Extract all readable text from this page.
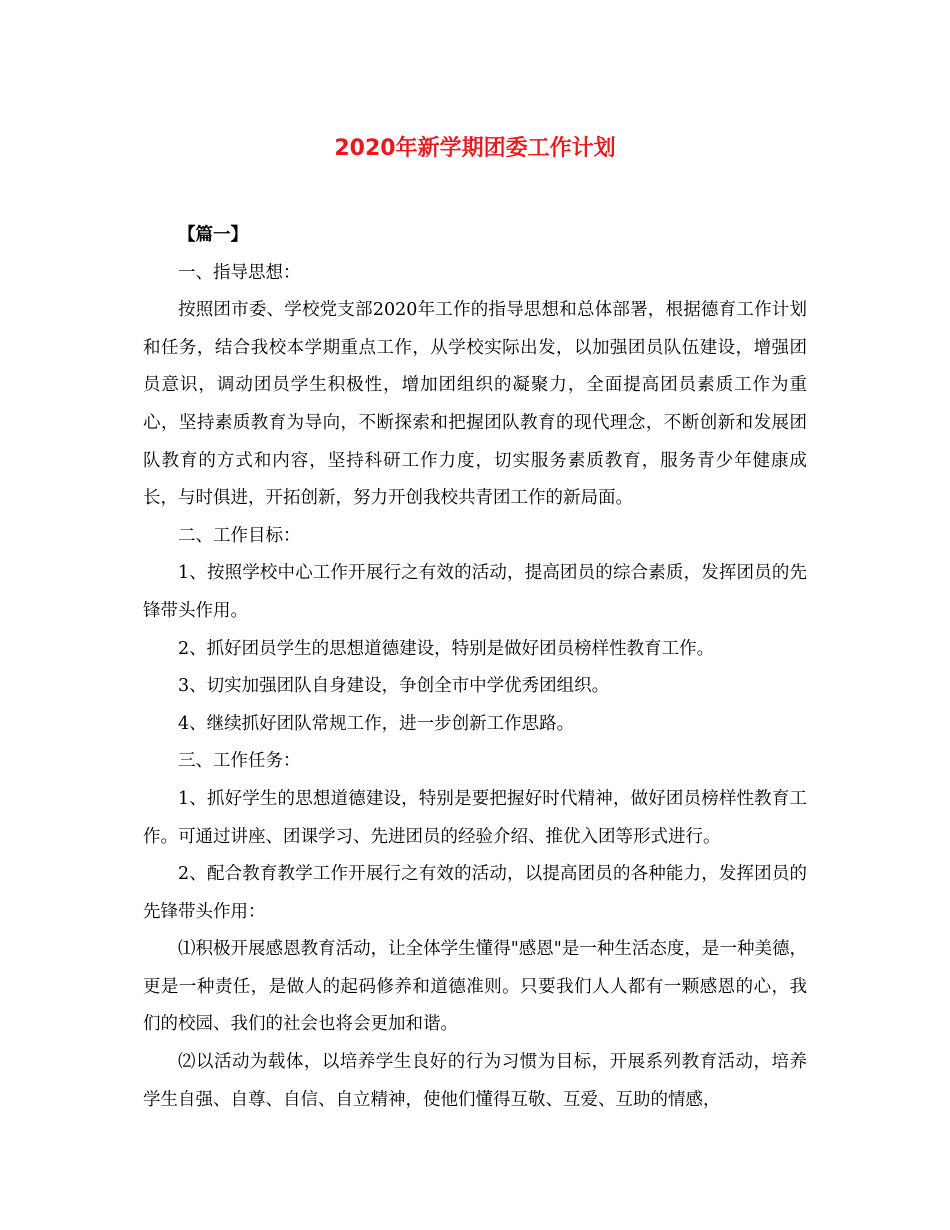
2020年新学期团委工作计划

【篇一】

一、指导思想：

按照团市委、学校党支部2020年工作的指导思想和总体部署，根据德育工作计划和任务，结合我校本学期重点工作，从学校实际出发，以加强团员队伍建设，增强团员意识，调动团员学生积极性，增加团组织的凝聚力，全面提高团员素质工作为重心，坚持素质教育为导向，不断探索和把握团队教育的现代理念，不断创新和发展团队教育的方式和内容，坚持科研工作力度，切实服务素质教育，服务青少年健康成长，与时俱进，开拓创新，努力开创我校共青团工作的新局面。

二、工作目标：

1、按照学校中心工作开展行之有效的活动，提高团员的综合素质，发挥团员的先锋带头作用。

2、抓好团员学生的思想道德建设，特别是做好团员榜样性教育工作。

3、切实加强团队自身建设，争创全市中学优秀团组织。

4、继续抓好团队常规工作，进一步创新工作思路。

三、工作任务：

1、抓好学生的思想道德建设，特别是要把握好时代精神，做好团员榜样性教育工作。可通过讲座、团课学习、先进团员的经验介绍、推优入团等形式进行。

2、配合教育教学工作开展行之有效的活动，以提高团员的各种能力，发挥团员的先锋带头作用：

⑴积极开展感恩教育活动，让全体学生懂得"感恩"是一种生活态度，是一种美德，更是一种责任，是做人的起码修养和道德准则。只要我们人人都有一颗感恩的心，我们的校园、我们的社会也将会更加和谐。

⑵以活动为载体，以培养学生良好的行为习惯为目标，开展系列教育活动，培养学生自强、自尊、自信、自立精神，使他们懂得互敬、互爱、互助的情感，
